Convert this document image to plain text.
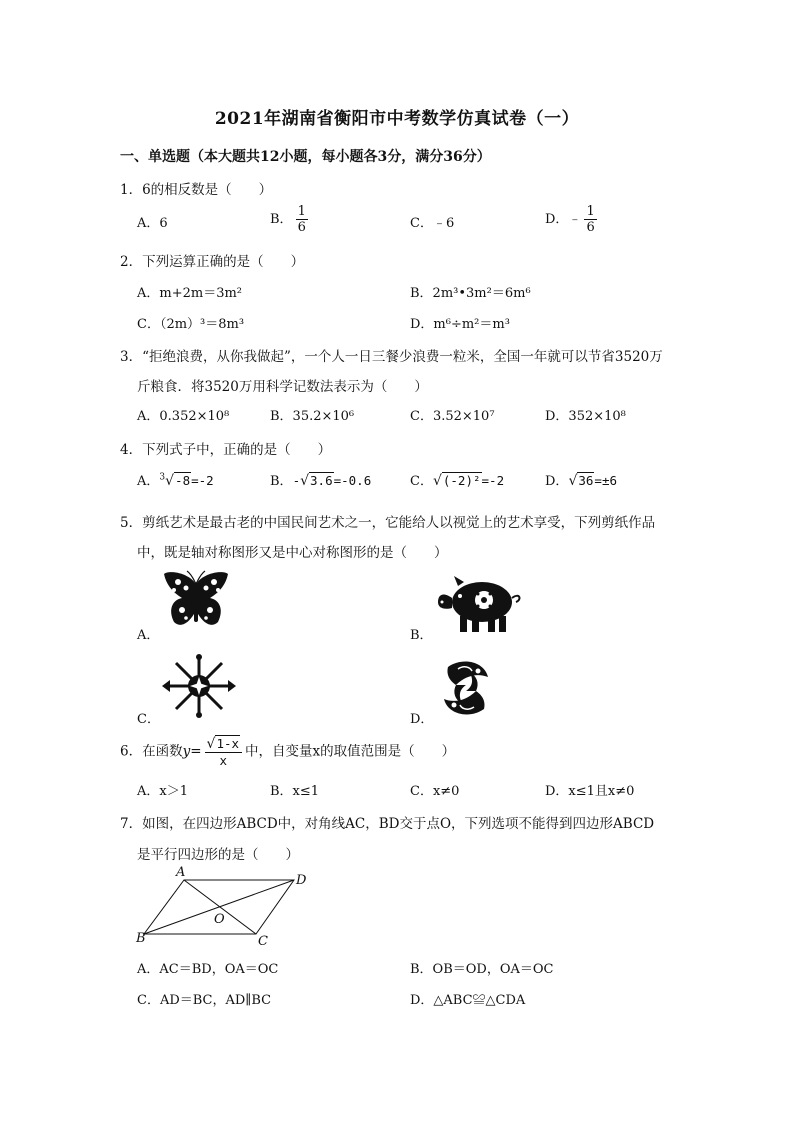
2021年湖南省衡阳市中考数学仿真试卷（一）
一、单选题（本大题共12小题，每小题各3分，满分36分）
1．6的相反数是（　　）
A．6	B． $\frac{1}{6}$	C．﹣6	D．﹣ $\frac{1}{6}$
2．下列运算正确的是（　　）
A．m+2m＝3m²	B．2m³•3m²＝6m⁶
C．（2m）³＝8m³	D．m⁶÷m²＝m³
3．“拒绝浪费，从你我做起”，一个人一日三餐少浪费一粒米，全国一年就可以节省3520万
斤粮食．将3520万用科学记数法表示为（　　）
A．0.352×10⁸	B．35.2×10⁶	C．3.52×10⁷	D．352×10⁸
4．下列式子中，正确的是（　　）
A．$^3$√-8=-2	B．-√3.6=-0.6	C．√(-2)²=-2	D．√36=±6
5．剪纸艺术是最古老的中国民间艺术之一，它能给人以视觉上的艺术享受，下列剪纸作品
中，既是轴对称图形又是中心对称图形的是（　　）
A．	B．
C．	D．
6．在函数$y= \frac{√1-x}{x}$ 中，自变量x的取值范围是（　　）
A．x＞1	B．x≤1	C．x≠0	D．x≤1且x≠0
7．如图，在四边形ABCD中，对角线AC，BD交于点O，下列选项不能得到四边形ABCD
是平行四边形的是（　　）
A
D
B	C
O
A．AC＝BD，OA＝OC	B．OB＝OD，OA＝OC
C．AD＝BC，AD∥BC	D．△ABC≌△CDA
